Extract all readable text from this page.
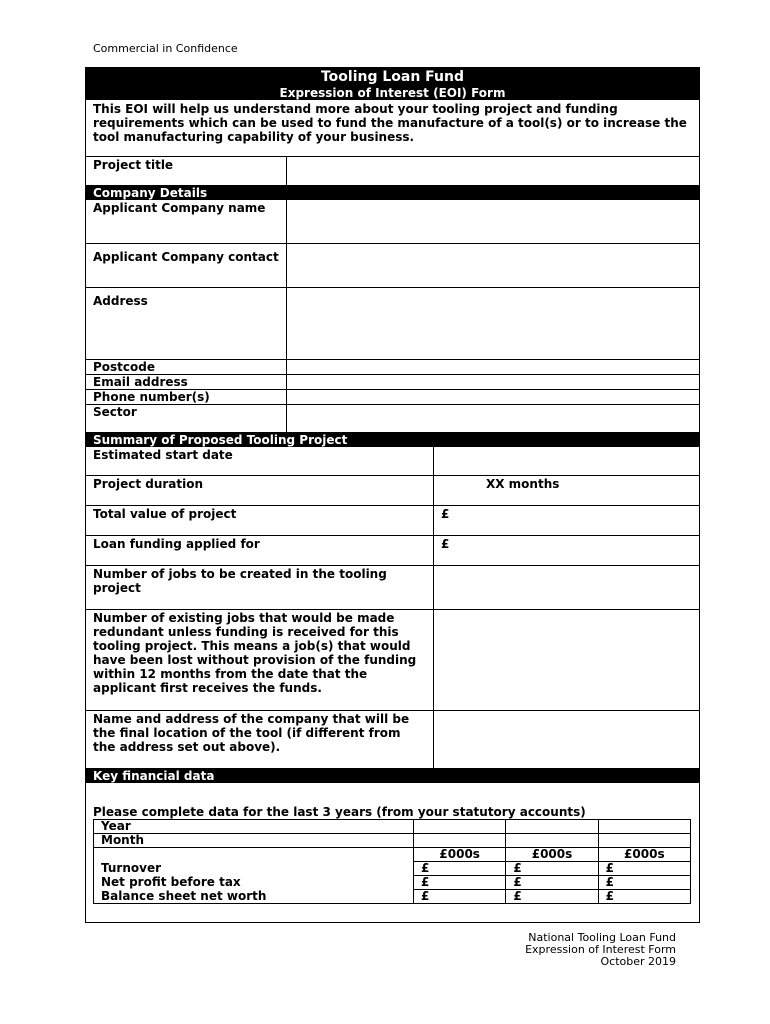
Commercial in Confidence
Tooling Loan Fund
Expression of Interest (EOI) Form
This EOI will help us understand more about your tooling project and funding requirements which can be used to fund the manufacture of a tool(s) or to increase the tool manufacturing capability of your business.
Project title
Company Details
Applicant Company name
Applicant Company contact
Address
Postcode
Email address
Phone number(s)
Sector
Summary of Proposed Tooling Project
Estimated start date
Project duration	XX months
Total value of project	£
Loan funding applied for	£
Number of jobs to be created in the tooling project
Number of existing jobs that would be made redundant unless funding is received for this tooling project. This means a job(s) that would have been lost without provision of the funding within 12 months from the date that the applicant first receives the funds.
Name and address of the company that will be the final location of the tool (if different from the address set out above).
Key financial data
Please complete data for the last 3 years (from your statutory accounts)
Year			
Month			
	£000s	£000s	£000s
Turnover	£	£	£
Net profit before tax	£	£	£
Balance sheet net worth	£	£	£
National Tooling Loan Fund
Expression of Interest Form
October 2019
